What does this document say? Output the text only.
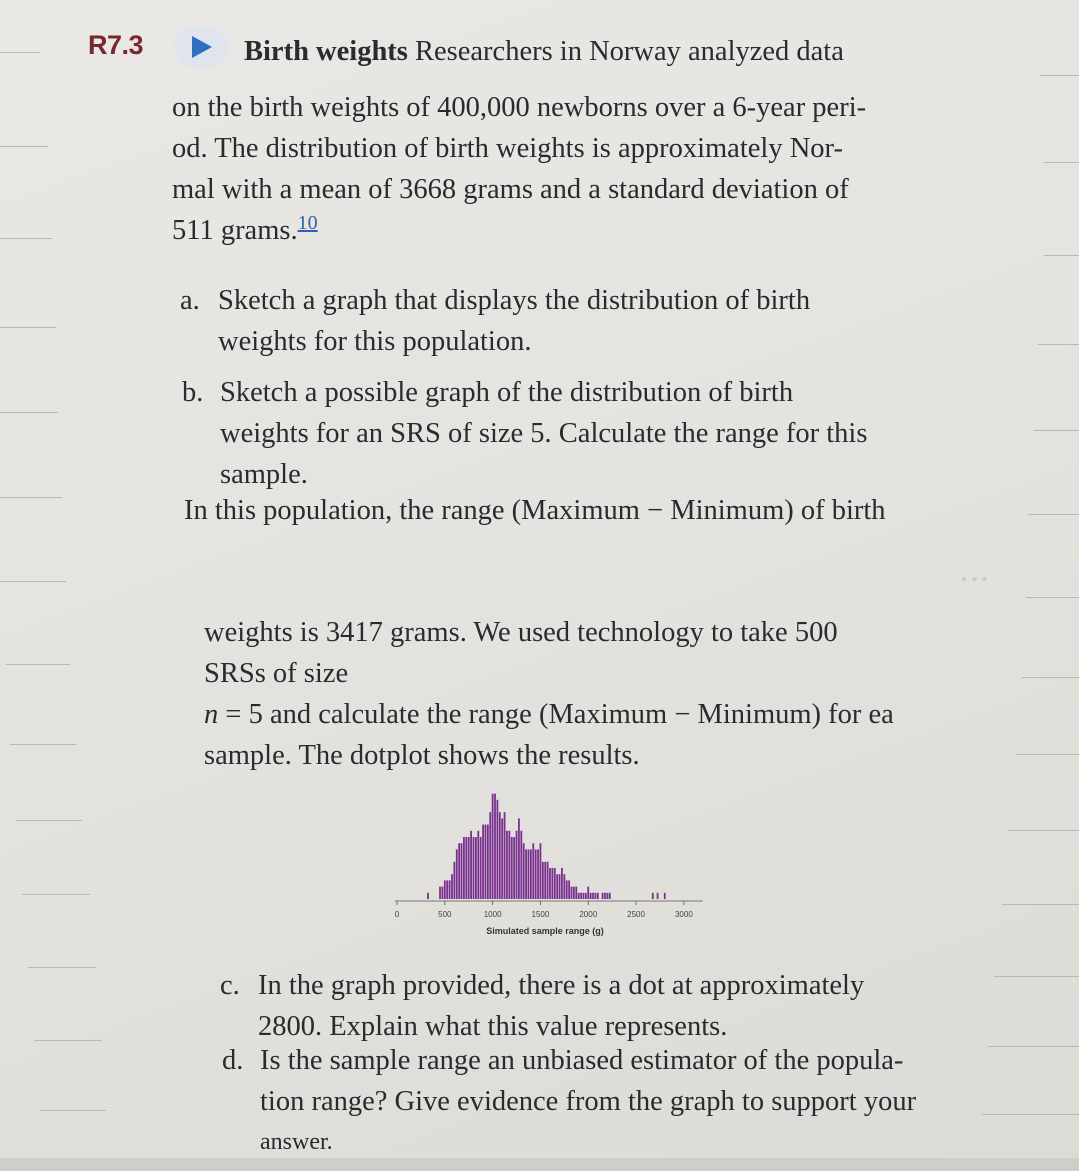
R7.3	Birth weights Researchers in Norway analyzed data
on the birth weights of 400,000 newborns over a 6-year peri-
od. The distribution of birth weights is approximately Nor-
mal with a mean of 3668 grams and a standard deviation of
511 grams.$^{10}$
a. Sketch a graph that displays the distribution of birth
weights for this population.
b. Sketch a possible graph of the distribution of birth
weights for an SRS of size 5. Calculate the range for this
sample.
In this population, the range (Maximum − Minimum) of birth
•••
weights is 3417 grams. We used technology to take 500
SRSs of size
n = 5 and calculate the range (Maximum − Minimum) for ea
sample. The dotplot shows the results.
0	500	1000	1500	2000	2500	3000
Simulated sample range (g)
c. In the graph provided, there is a dot at approximately
2800. Explain what this value represents.
d. Is the sample range an unbiased estimator of the popula-
tion range? Give evidence from the graph to support your
answer.
